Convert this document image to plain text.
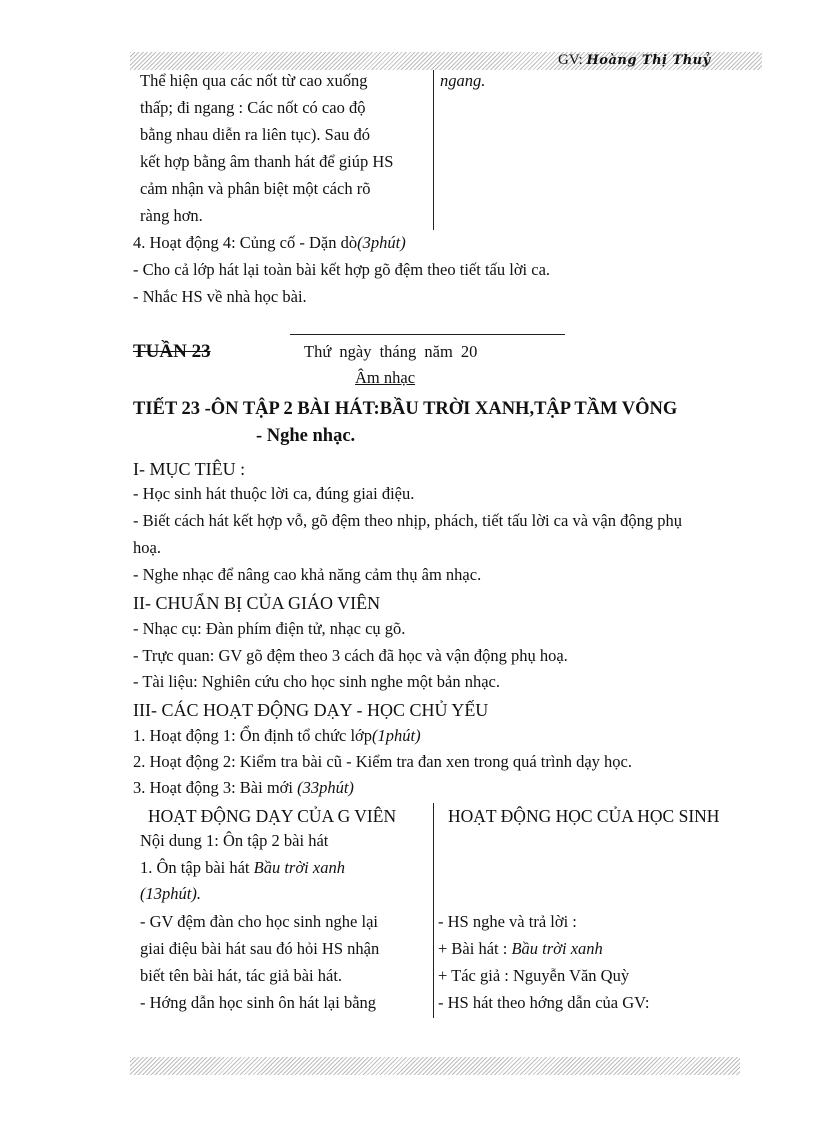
GV: Hoàng Thị Thuỷ
Thể hiện qua các nốt từ cao xuống
thấp; đi ngang : Các nốt có cao độ
bằng nhau diễn ra liên tục). Sau đó
kết hợp bằng âm thanh hát để giúp HS
cảm nhận và phân biệt một cách rõ
ràng hơn.
ngang.
4. Hoạt động 4: Củng cố - Dặn dò(3phút)
- Cho cả lớp hát lại toàn bài kết hợp gõ đệm theo tiết tấu lời ca.
- Nhắc HS về nhà học bài.
TUẦN 23	Thứ ngày tháng năm 20
Âm nhạc
TIẾT 23 -ÔN TẬP 2 BÀI HÁT:BẦU TRỜI XANH,TẬP TẦM VÔNG
- Nghe nhạc.
I- MỤC TIÊU :
- Học sinh hát thuộc lời ca, đúng giai điệu.
- Biết cách hát kết hợp vỗ, gõ đệm theo nhịp, phách, tiết tấu lời ca và vận động phụ
hoạ.
- Nghe nhạc để nâng cao khả năng cảm thụ âm nhạc.
II- CHUẨN BỊ CỦA GIÁO VIÊN
- Nhạc cụ: Đàn phím điện tử, nhạc cụ gõ.
- Trực quan: GV gõ đệm theo 3 cách đã học và vận động phụ hoạ.
- Tài liệu: Nghiên cứu cho học sinh nghe một bản nhạc.
III- CÁC HOẠT ĐỘNG DẠY - HỌC CHỦ YẾU
1. Hoạt động 1: Ổn định tổ chức lớp(1phút)
2. Hoạt động 2: Kiểm tra bài cũ - Kiểm tra đan xen trong quá trình dạy học.
3. Hoạt động 3: Bài mới (33phút)
HOẠT ĐỘNG DẠY CỦA G VIÊN	HOẠT ĐỘNG HỌC CỦA HỌC SINH
Nội dung 1: Ôn tập 2 bài hát
1. Ôn tập bài hát Bầu trời xanh
(13phút).
- GV đệm đàn cho học sinh nghe lại
giai điệu bài hát sau đó hỏi HS nhận
biết tên bài hát, tác giả bài hát.
- Hớng dẫn học sinh ôn hát lại bằng
- HS nghe và trả lời :
+ Bài hát : Bầu trời xanh
+ Tác giả : Nguyễn Văn Quỳ
- HS hát theo hớng dẫn của GV:
